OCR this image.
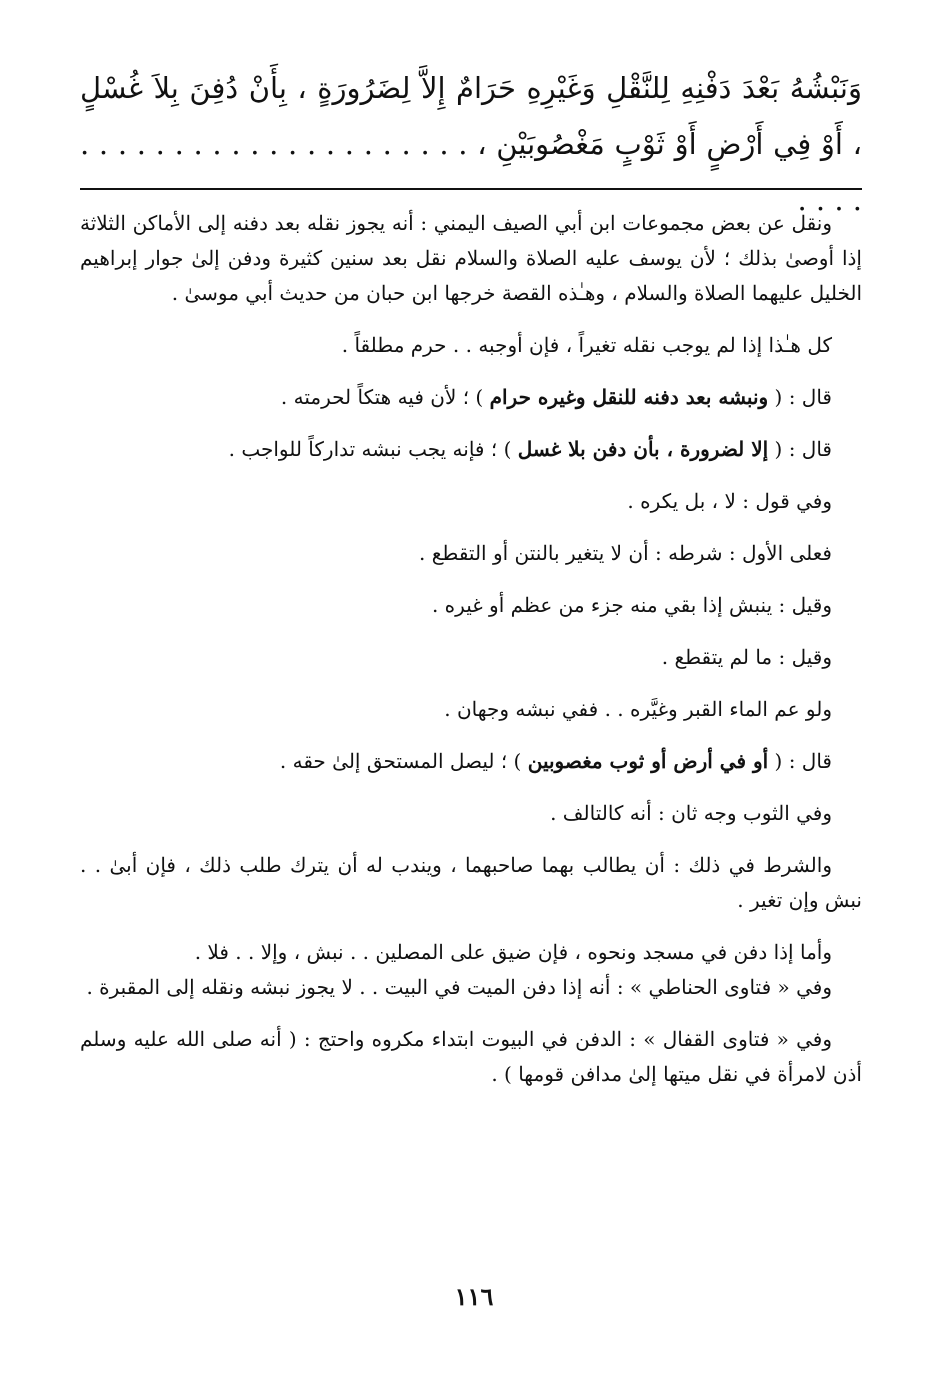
وَنَبْشُهُ بَعْدَ دَفْنِهِ لِلنَّقْلِ وَغَيْرِهِ حَرَامٌ إِلاَّ لِضَرُورَةٍ ، بِأَنْ دُفِنَ بِلاَ غُسْلٍ ، أَوْ فِي أَرْضٍ أَوْ ثَوْبٍ مَغْصُوبَيْنِ ، . . . . . . . . . . . . . . . . . . . . . . . . .

ونقل عن بعض مجموعات ابن أبي الصيف اليمني : أنه يجوز نقله بعد دفنه إلى الأماكن الثلاثة إذا أوصىٰ بذلك ؛ لأن يوسف عليه الصلاة والسلام نقل بعد سنين كثيرة ودفن إلىٰ جوار إبراهيم الخليل عليهما الصلاة والسلام ، وهـٰذه القصة خرجها ابن حبان من حديث أبي موسىٰ .

كل هـٰذا إذا لم يوجب نقله تغيراً ، فإن أوجبه . . حرم مطلقاً .

قال : ( ونبشه بعد دفنه للنقل وغيره حرام ) ؛ لأن فيه هتكاً لحرمته .

قال : ( إلا لضرورة ، بأن دفن بلا غسل ) ؛ فإنه يجب نبشه تداركاً للواجب .

وفي قول : لا ، بل يكره .

فعلى الأول : شرطه : أن لا يتغير بالنتن أو التقطع .

وقيل : ينبش إذا بقي منه جزء من عظم أو غيره .

وقيل : ما لم يتقطع .

ولو عم الماء القبر وغيَّره . . ففي نبشه وجهان .

قال : ( أو في أرض أو ثوب مغصوبين ) ؛ ليصل المستحق إلىٰ حقه .

وفي الثوب وجه ثان : أنه كالتالف .

والشرط في ذلك : أن يطالب بهما صاحبهما ، ويندب له أن يترك طلب ذلك ، فإن أبىٰ . . نبش وإن تغير .

وأما إذا دفن في مسجد ونحوه ، فإن ضيق على المصلين . . نبش ، وإلا . . فلا .

وفي « فتاوى الحناطي » : أنه إذا دفن الميت في البيت . . لا يجوز نبشه ونقله إلى المقبرة .

وفي « فتاوى القفال » : الدفن في البيوت ابتداء مكروه واحتج : ( أنه صلى الله عليه وسلم أذن لامرأة في نقل ميتها إلىٰ مدافن قومها ) .

١١٦
